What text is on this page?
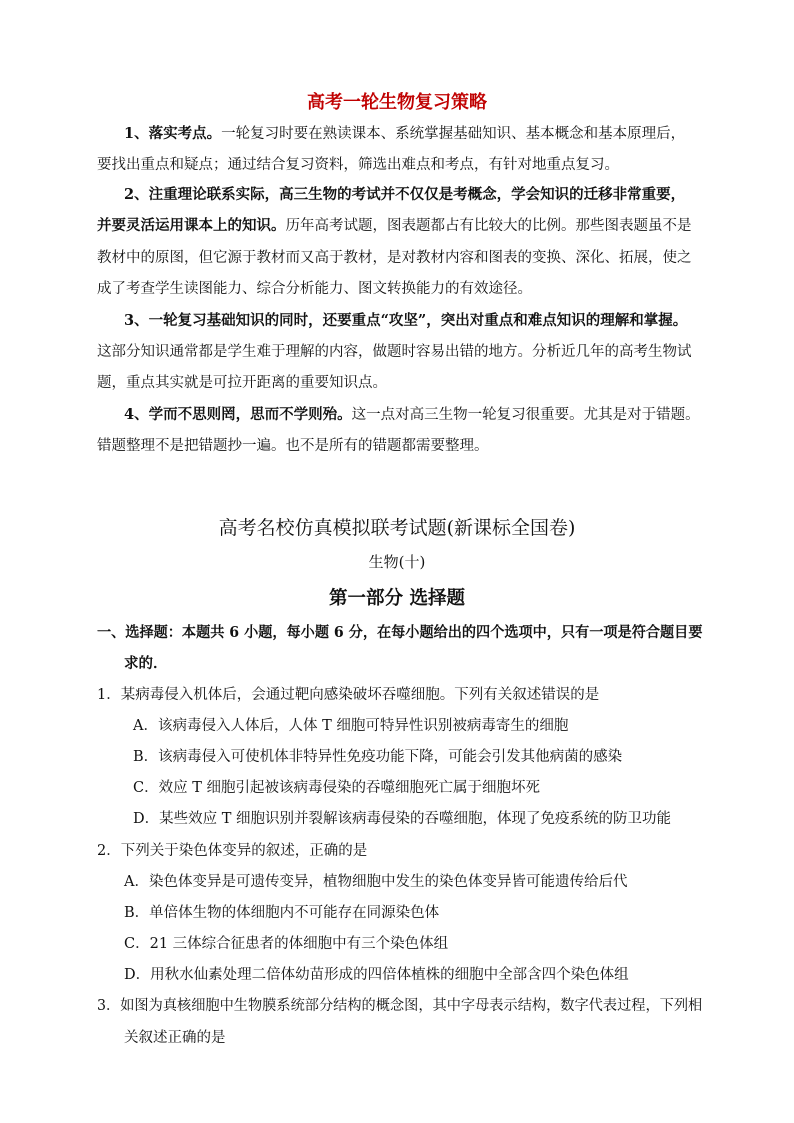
高考一轮生物复习策略
1、落实考点。一轮复习时要在熟读课本、系统掌握基础知识、基本概念和基本原理后，
要找出重点和疑点；通过结合复习资料，筛选出难点和考点，有针对地重点复习。
2、注重理论联系实际，高三生物的考试并不仅仅是考概念，学会知识的迁移非常重要，
并要灵活运用课本上的知识。历年高考试题，图表题都占有比较大的比例。那些图表题虽不是
教材中的原图，但它源于教材而又高于教材，是对教材内容和图表的变换、深化、拓展，使之
成了考查学生读图能力、综合分析能力、图文转换能力的有效途径。
3、一轮复习基础知识的同时，还要重点“攻坚”，突出对重点和难点知识的理解和掌握。
这部分知识通常都是学生难于理解的内容，做题时容易出错的地方。分析近几年的高考生物试
题，重点其实就是可拉开距离的重要知识点。
4、学而不思则罔，思而不学则殆。这一点对高三生物一轮复习很重要。尤其是对于错题。
错题整理不是把错题抄一遍。也不是所有的错题都需要整理。
高考名校仿真模拟联考试题(新课标全国卷)
生物(十)
第一部分 选择题
一、选择题：本题共 6 小题，每小题 6 分，在每小题给出的四个选项中，只有一项是符合题目要
求的．
1．某病毒侵入机体后，会通过靶向感染破坏吞噬细胞。下列有关叙述错误的是
A．该病毒侵入人体后，人体 T 细胞可特异性识别被病毒寄生的细胞
B．该病毒侵入可使机体非特异性免疫功能下降，可能会引发其他病菌的感染
C．效应 T 细胞引起被该病毒侵染的吞噬细胞死亡属于细胞坏死
D．某些效应 T 细胞识别并裂解该病毒侵染的吞噬细胞，体现了免疫系统的防卫功能
2．下列关于染色体变异的叙述，正确的是
A．染色体变异是可遗传变异，植物细胞中发生的染色体变异皆可能遗传给后代
B．单倍体生物的体细胞内不可能存在同源染色体
C．21 三体综合征患者的体细胞中有三个染色体组
D．用秋水仙素处理二倍体幼苗形成的四倍体植株的细胞中全部含四个染色体组
3．如图为真核细胞中生物膜系统部分结构的概念图，其中字母表示结构，数字代表过程，下列相
关叙述正确的是
